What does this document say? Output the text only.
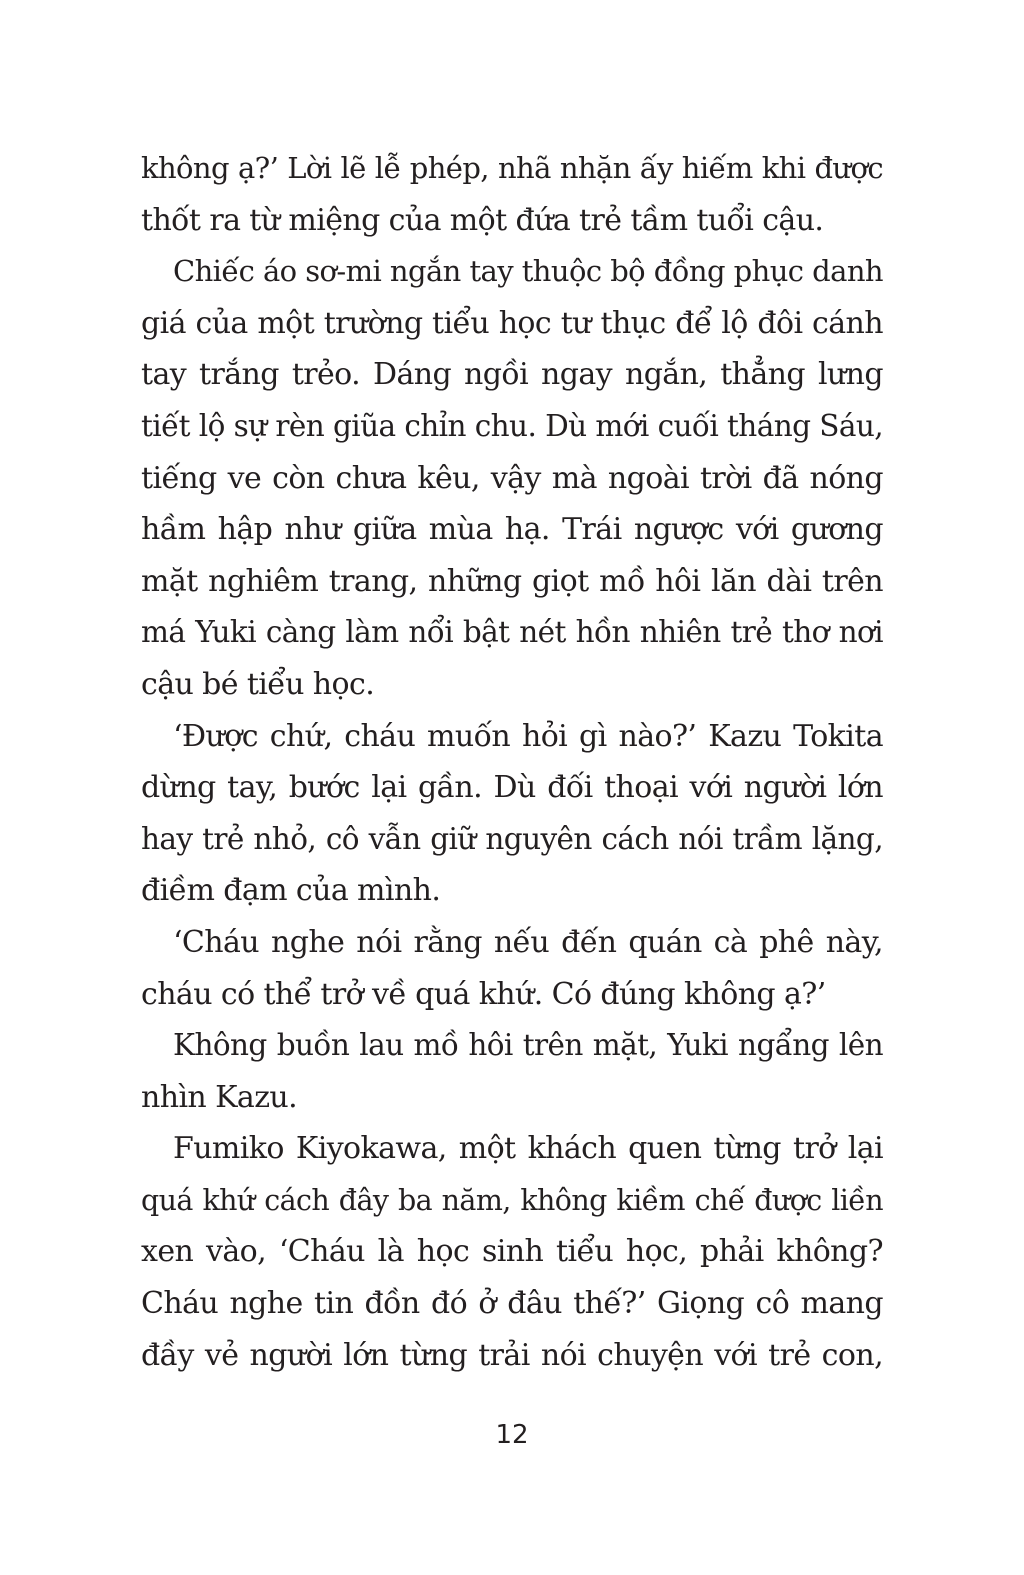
không ạ?’ Lời lẽ lễ phép, nhã nhặn ấy hiếm khi được
thốt ra từ miệng của một đứa trẻ tầm tuổi cậu.
Chiếc áo sơ-mi ngắn tay thuộc bộ đồng phục danh
giá của một trường tiểu học tư thục để lộ đôi cánh
tay trắng trẻo. Dáng ngồi ngay ngắn, thẳng lưng
tiết lộ sự rèn giũa chỉn chu. Dù mới cuối tháng Sáu,
tiếng ve còn chưa kêu, vậy mà ngoài trời đã nóng
hầm hập như giữa mùa hạ. Trái ngược với gương
mặt nghiêm trang, những giọt mồ hôi lăn dài trên
má Yuki càng làm nổi bật nét hồn nhiên trẻ thơ nơi
cậu bé tiểu học.
‘Được chứ, cháu muốn hỏi gì nào?’ Kazu Tokita
dừng tay, bước lại gần. Dù đối thoại với người lớn
hay trẻ nhỏ, cô vẫn giữ nguyên cách nói trầm lặng,
điềm đạm của mình.
‘Cháu nghe nói rằng nếu đến quán cà phê này,
cháu có thể trở về quá khứ. Có đúng không ạ?’
Không buồn lau mồ hôi trên mặt, Yuki ngẩng lên
nhìn Kazu.
Fumiko Kiyokawa, một khách quen từng trở lại
quá khứ cách đây ba năm, không kiềm chế được liền
xen vào, ‘Cháu là học sinh tiểu học, phải không?
Cháu nghe tin đồn đó ở đâu thế?’ Giọng cô mang
đầy vẻ người lớn từng trải nói chuyện với trẻ con,
12
